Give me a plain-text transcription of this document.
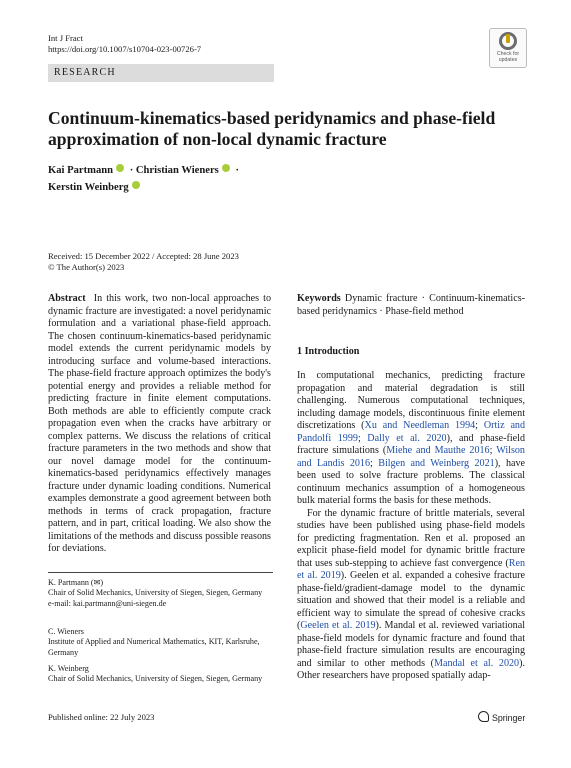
Int J Fract
https://doi.org/10.1007/s10704-023-00726-7	Check for
updates
RESEARCH
Continuum-kinematics-based peridynamics and phase-field approximation of non-local dynamic fracture
Kai Partmann · Christian Wieners ·
Kerstin Weinberg
Received: 15 December 2022 / Accepted: 28 June 2023
© The Author(s) 2023
Abstract In this work, two non-local approaches to dynamic fracture are investigated: a novel peridynamic formulation and a variational phase-field approach. The chosen continuum-kinematics-based peridynamic model extends the current peridynamic models by introducing surface and volume-based interactions. The phase-field fracture approach optimizes the body's potential energy and provides a reliable method for predicting fracture in finite element computations. Both methods are able to efficiently compute crack propagation even when the cracks have arbitrary or complex patterns. We discuss the relations of critical fracture parameters in the two methods and show that our novel damage model for the continuum-kinematics-based peridynamics effectively manages fracture under dynamic loading conditions. Numerical examples demonstrate a good agreement between both methods in terms of crack propagation, fracture pattern, and in part, critical loading. We also show the limitations of the methods and discuss possible reasons for deviations.
K. Partmann (✉)
Chair of Solid Mechanics, University of Siegen, Siegen, Germany
e-mail: kai.partmann@uni-siegen.de
C. Wieners
Institute of Applied and Numerical Mathematics, KIT, Karlsruhe, Germany
K. Weinberg
Chair of Solid Mechanics, University of Siegen, Siegen, Germany
Keywords Dynamic fracture · Continuum-kinematics-based peridynamics · Phase-field method
1 Introduction

In computational mechanics, predicting fracture propagation and material degradation is still challenging. Numerous computational techniques, including damage models, discontinuous finite element discretizations (Xu and Needleman 1994; Ortiz and Pandolfi 1999; Dally et al. 2020), and phase-field fracture simulations (Miehe and Mauthe 2016; Wilson and Landis 2016; Bilgen and Weinberg 2021), have been used to solve fracture problems. The classical continuum mechanics assumption of a homogeneous bulk material forms the basis for these methods.

For the dynamic fracture of brittle materials, several studies have been published using phase-field models for predicting fragmentation. Ren et al. proposed an explicit phase-field model for dynamic brittle fracture that uses sub-stepping to achieve fast convergence (Ren et al. 2019). Geelen et al. expanded a cohesive fracture phase-field/gradient-damage model to the dynamic situation and showed that their model is a reliable and efficient way to simulate the spread of cohesive cracks (Geelen et al. 2019). Mandal et al. reviewed variational phase-field models for dynamic fracture and found that phase-field fracture simulation results are encouraging and similar to other methods (Mandal et al. 2020). Other researchers have proposed spatially adap-

Published online: 22 July 2023	Springer
